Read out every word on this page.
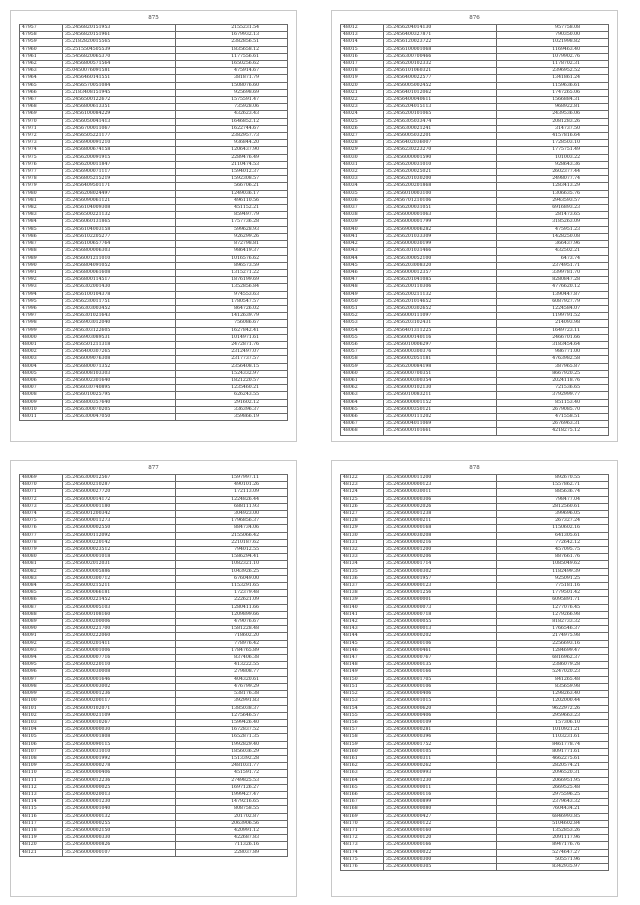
875
47957	35.2456820151953	2155231.54
47958	35.2456820151961	1679932.13
47959	35.2182820015565	2382856.51
47960	35.2515504505539	1835658.12
47961	35.5456820065370	1177556.61
47962	35.2456800571564	1650256.62
47963	35.0450076091581	475914.67
47964	35.2456460141551	381871.79
47965	35.2456570051084	1508076.60
47966	35.2183408151945	925698.69
47967	35.2456500122672	1575591.47
47968	35.2456800613351	735928.06
47969	35.2456100084229	432623.43
47970	35.2456050041413	1646852.12
47971	35.2456700011067	1622744.67
47972	35.2456505221177	2382957.73
47973	35.2456900091210	936844.20
47974	35.2456800674158	1206437.90
47975	35.2456200091915	2289476.49
47976	35.2456200011847	2110474.53
47977	35.2456900071117	1594012.37
47978	35.2456805215219	1592308.57
47979	35.2456409501171	566706.21
47980	35.2456208024497	1249036.17
47981	35.2456090061121	496110.56
47982	35.2456104009308	451152.21
47983	35.2456500221132	859497.79
47984	35.2456060131865	1757736.28
47985	35.2456104003158	599628.93
47986	35.2456102205277	926299.26
47987	35.2456100657764	872798.81
47988	35.2456800006303	986419.37
47989	35.2456001211010	1016576.62
47990	35.2456804091052	896573.59
47991	35.2456800061608	1315271.22
47992	35.2456800114517	1876199.69
47993	35.2456302001430	1352856.84
47994	35.2456100104378	974553.63
47995	35.2456230011751	1780547.57
47996	35.2456303003452	864726.02
47997	35.2456301021643	1412639.79
47998	35.2456903012040	756086.67
47999	35.2456303122605	1627842.41
48000	35.2456903089531	1014971.61
48001	35.2456501211318	2472871.76
48002	35.2456400307265	2312497.07
48003	35.2456009076308	2317737.57
48004	35.2456800071352	2356408.15
48005	35.2456008103303	1524332.97
48006	35.2456002301640	1821220.57
48007	35.2456030740895	1235460.21
48008	35.2456010025795	626243.55
48009	35.2456800357640	291602.12
48010	35.2456300070205	336396.37
48011	35.2456300047050	359866.19
876
48012	35.2456204014130	957758.08
48013	35.2456400327871	790350.00
48014	35.2456120023722	1021998.82
48015	35.2456100001068	1169463.40
48016	35.2456300700466	1079902.76
48017	35.2456200102332	1178702.31
48018	35.2456101060321	2396952.52
48019	35.2456400022577	1341861.24
48020	35.2456005002452	1159636.61
48021	35.2456401012062	1747265.06
48022	35.2456400040611	1566884.31
48023	35.2456204015113	968922.81
48024	35.2456200101065	2439536.06
48025	35.2456305033474	2081283.26
48026	35.2456300021241	314737.50
48027	35.2456005032201	4157816.64
48028	35.2456402036007	1728503.10
48029	35.2456230223270	1775751.49
48030	35.2456000001590	101003.22
48031	35.2456200031010	928643.36
48032	35.2456200025021	2602377.44
48033	35.2456201030200	2498077.74
48034	35.2456200201868	1283413.29
48035	35.2456010003100	1306635.76
48036	35.2456701210106	2943593.57
48037	35.2456200031051	6916893.23
48038	35.2456000001063	281473.65
48039	35.2456000001799	3185263.09
48040	35.2456900006282	475951.23
48041	35.2456201033309	1428250.08
48042	35.2456000030199	366437.96
48043	35.2456301031466	432502.21
48044	35.2456300052100	6473.74
48045	35.2456203008320	2374951.71
48046	35.2456000012357	3399781.70
48047	35.2456201041085	8280847.28
48048	35.2456200110306	4776620.12
48049	35.2456200211132	1390447.87
48050	35.2456201014652	6087927.79
48051	35.2456200302652	1224584.07
48052	35.2456000111097	1199791.52
48053	35.2456203102431	214093.98
48054	35.2456401311225	1649723.11
48055	35.2456000140116	2466701.66
48056	35.2456010006297	3183454.64
48057	35.2456000300376	986771.00
48058	35.2456002051181	4763982.58
48059	35.2456200084198	387965.87
48060	35.2456000700351	8667920.25
48061	35.2456000300354	2024118.76
48062	35.2456000102130	721536.65
48063	35.2456010083211	3792999.77
48064	35.2456000001152	851153.40
48065	35.2456000350121	2679085.70
48066	35.2456000111202	471558.51
48067	35.2456004011069	2676963.31
48068	35.2456000101661	4218275.12
877
48069	35.2456300012567	1597997.11
48070	35.2456000210287	490101.26
48071	35.2456000027720	172113.09
48072	35.2456000014172	1224826.44
48073	35.2456000001180	688111.93
48074	35.2456001200342	304923.00
48075	35.2456000011273	1796856.37
48076	35.2456000002550	884734.06
48077	35.2456000112092	2155066.42
48078	35.2456000220142	2210187.62
48079	35.2456000023512	794012.55
48080	35.2456000001018	1586294.41
48081	35.2456002012031	1082321.10
48082	35.2456000005886	1043926.25
48083	35.2456000300712	676049.00
48084	35.2456000215211	1153291.65
48085	35.2456000066181	172379.48
48086	35.2456000221452	222621.09
48087	35.2456000005103	1280411.66
48088	35.2456000108160	1209899.66
48089	35.2456000200006	479076.67
48090	35.2456000221700	1581228.48
48091	35.2456000222060	718602.20
48092	35.2456000201411	778976.42
48093	35.2456000001006	1784765.89
48094	35.2456000007716	837406.38
48095	35.2456000220110	413222.55
48096	35.2456000030008	279808.77
48097	35.2456000001646	404320.61
48098	35.2456000003002	476799.29
48099	35.2456000001236	538176.38
48100	35.2456000200117	392991.83
48101	35.2456000102071	1385038.37
48102	35.2456000021109	1275646.57
48103	35.2456000010267	1599426.40
48104	35.2456000000030	1672837.52
48105	35.2456000001808	1652871.35
48106	35.2456000090115	1992829.40
48107	35.2456000031010	1856036.29
48108	35.2456000001992	1513392.28
48109	35.2456000000278	2481031.77
48110	35.2456000000406	451591.72
48111	35.2456000012236	2749825.53
48112	35.2456000000025	1697126.27
48113	35.2456000020013	1999427.47
48114	35.2456000001230	1479216.65
48115	35.2456000001040	808758.55
48116	35.2456000000132	201702.87
48117	35.2456000000255	2063906.56
48118	35.2456000002150	420991.12
48119	35.2456000000330	422687.83
48120	35.2456000000826	711326.16
48121	35.2456000000107	228037.89
878
48122	35.2456000011200	892670.55
48123	35.2456000000123	1557862.71
48124	35.2456000030011	885636.74
48125	35.2456000000306	798477.04
48126	35.2456000002026	2812560.61
48127	35.2456000001238	399696.05
48128	35.2456000000211	267327.24
48129	35.2456000000168	1150602.16
48130	35.2456000030208	641305.61
48131	35.2456000000216	772642.12
48132	35.2456000001200	457095.75
48133	35.2456000000206	887661.76
48134	35.2456000001714	1085049.62
48135	35.2456000000302	1182499.39
48136	35.2456000001957	925091.25
48137	35.2456000000123	775181.16
48138	35.2456000001256	1779501.42
48139	35.2456000000001	6095891.71
48140	35.2456000000073	1277076.45
48141	35.2456000000718	1279266.98
48142	35.2456000000055	8182733.32
48143	35.2456000000013	1766546.37
48144	35.2456000000202	2174975.98
48145	35.2456000000106	2256693.16
48146	35.2456000000461	1284699.47
48147	35.2456000000767	6816962.37
48148	35.2456000000135	2386079.28
48149	35.2456000000166	5247020.23
48150	35.2456000001705	841265.48
48151	35.2456000000106	835659.98
48152	35.2456000000406	1298263.40
48153	35.2456000001015	1202000.44
48154	35.2456000000620	9622972.26
48155	35.2456000000406	2959663.23
48156	35.2456000000109	157306.10
48157	35.2456000000281	1010921.21
48158	35.2456000000396	1103231.61
48159	35.2456000001752	8461778.74
48160	35.2456000000105	8091771.61
48161	35.2456000000311	4662275.61
48162	35.2456000000262	2820574.21
48163	35.2456000000993	2096520.31
48164	35.2456000001230	2066951.95
48165	35.2456000000011	2669525.48
48166	35.2456000000116	2975596.25
48167	35.2456000000899	2379643.32
48168	35.2456000000080	7604434.21
48169	35.2456000000427	6846993.85
48170	35.2456000000122	5104602.84
48171	35.2456000000160	1352853.26
48172	35.2456000000120	2091117.96
48173	35.2456000000166	8947176.76
48174	35.2456000000022	5274647.27
48175	35.2456000000300	505571.96
48176	35.2456000000305	8342935.97
